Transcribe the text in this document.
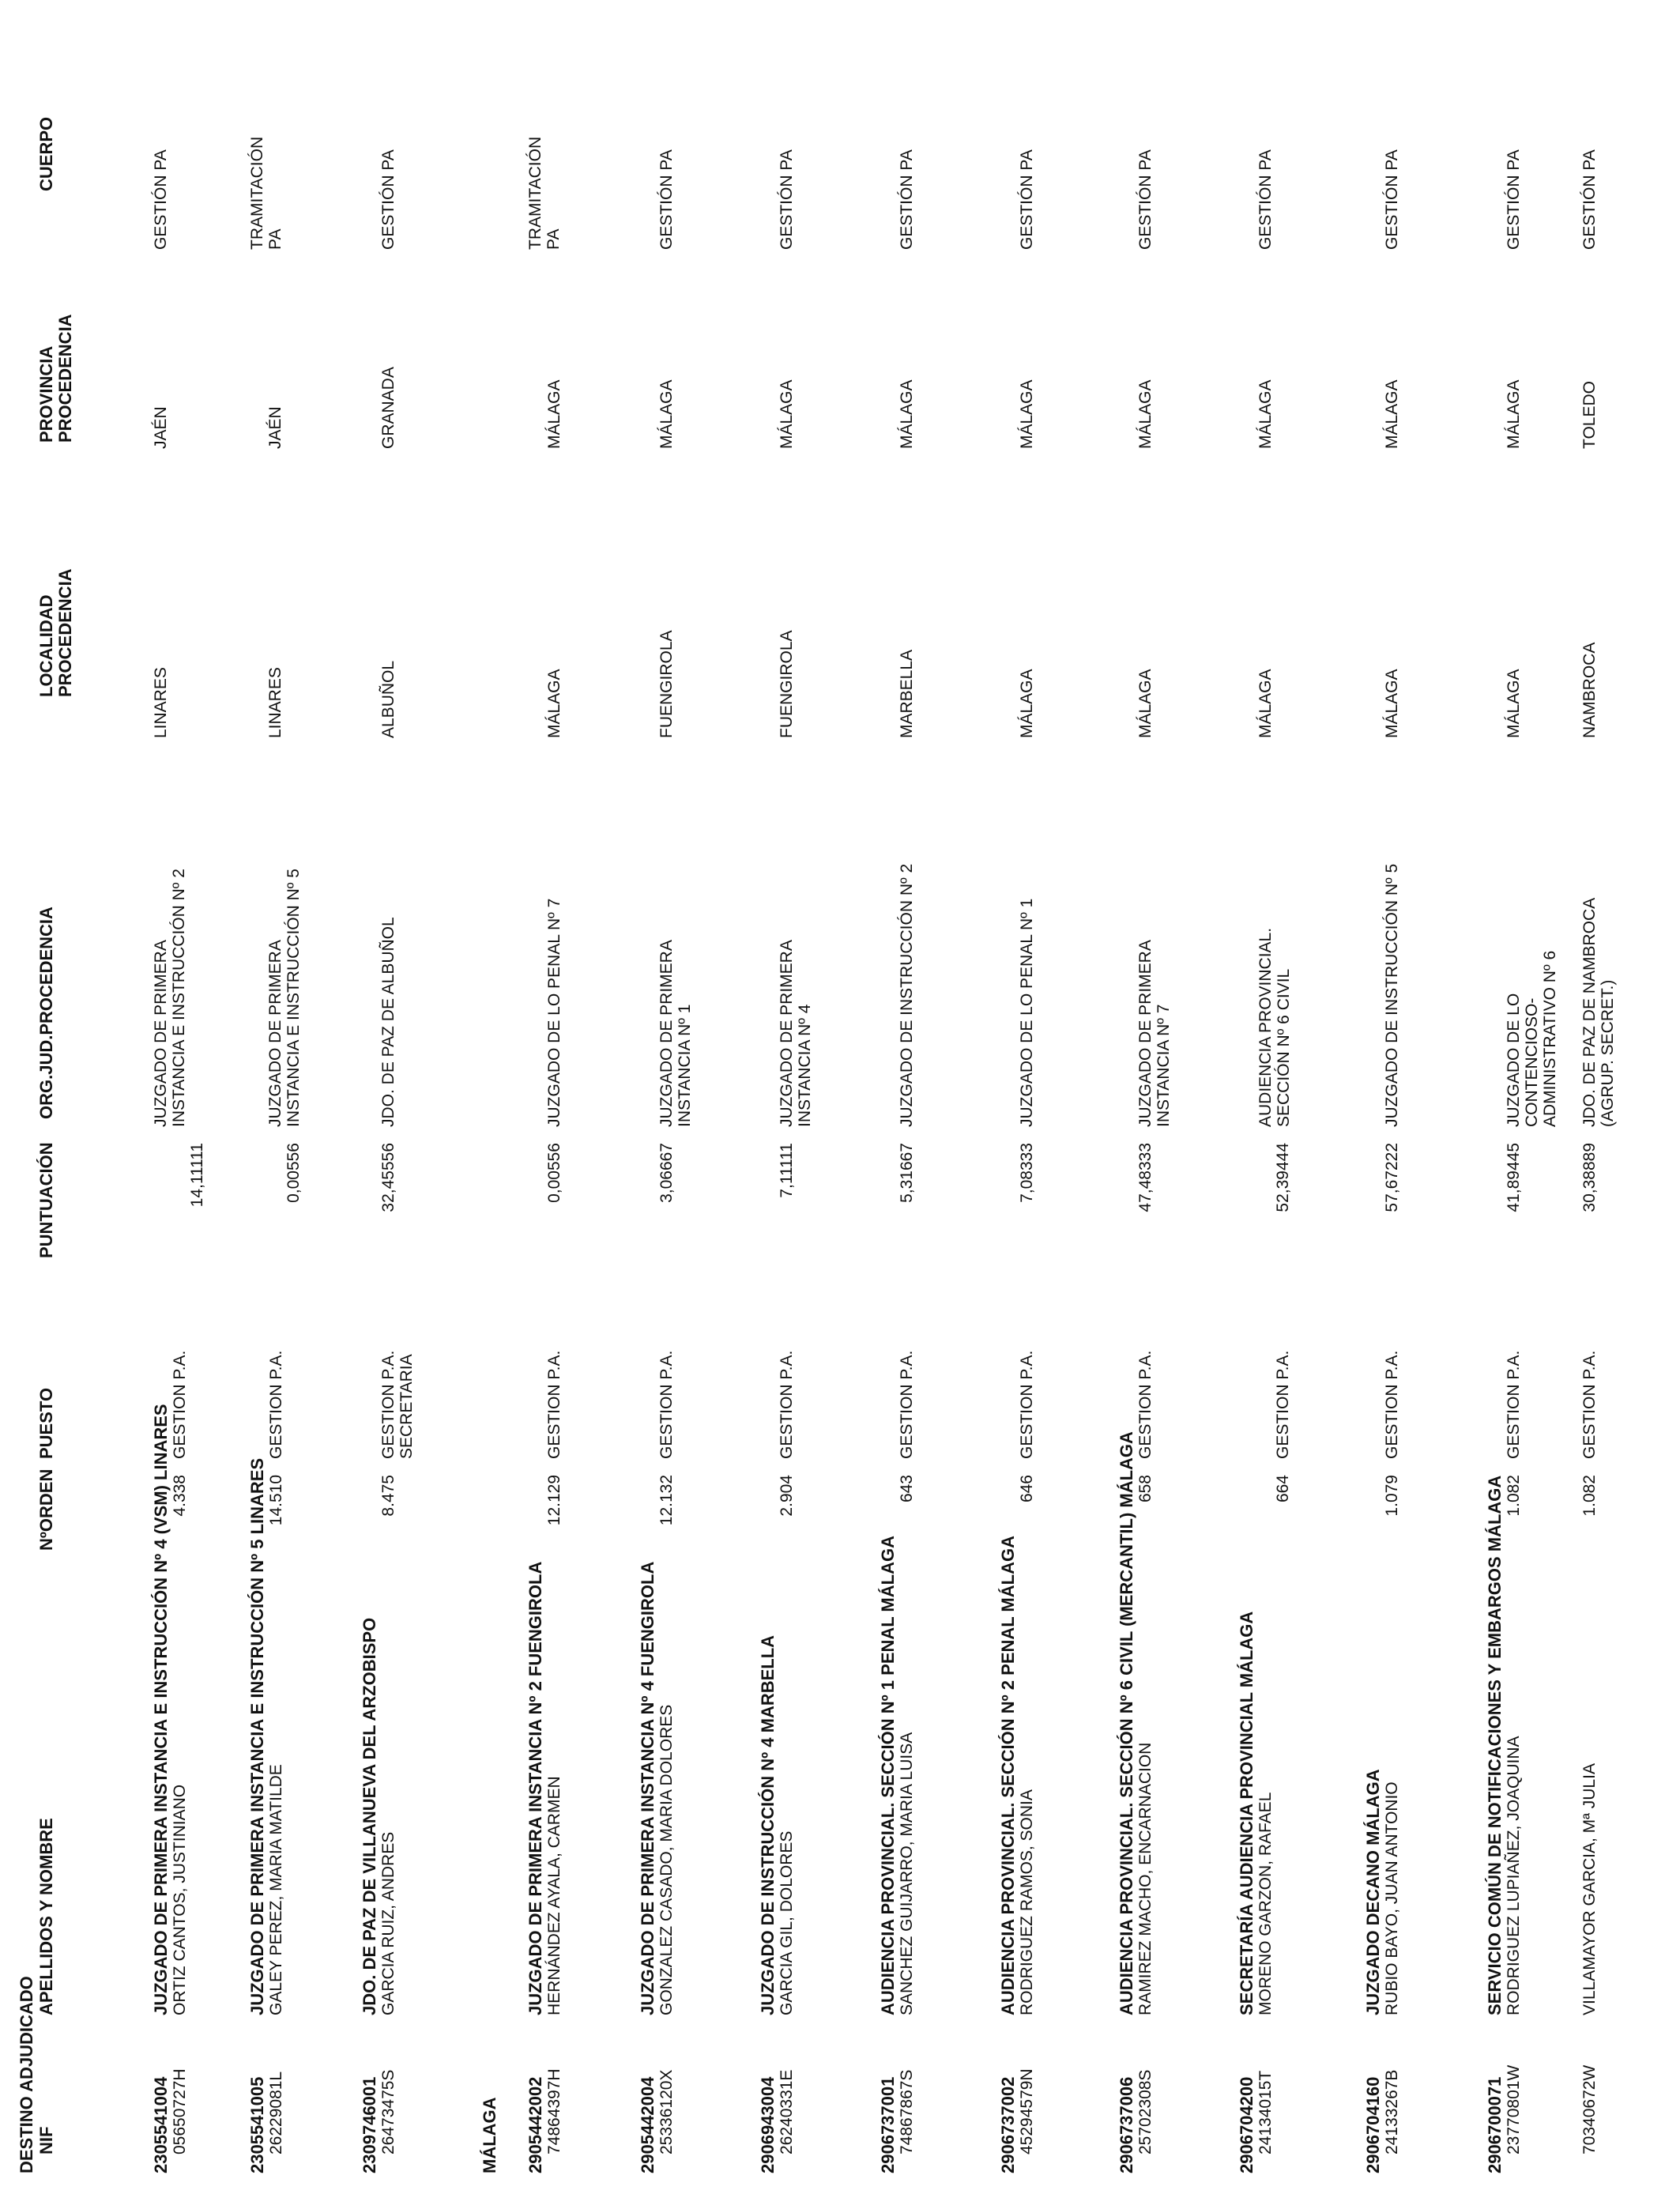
DESTINO ADJUDICADO NIF
APELLIDOS Y NOMBRE
NºORDEN
PUESTO
PUNTUACIÓN
ORG.JUD.PROCEDENCIA
LOCALIDAD PROCEDENCIA
PROVINCIA PROCEDENCIA
CUERPO
MÁLAGA
2305541004
JUZGADO DE PRIMERA INSTANCIA E INSTRUCCIÓN Nº 4 (VSM) LINARES
05650727H
ORTIZ CANTOS, JUSTINIANO
4.338
GESTION P.A.
14,11111
JUZGADO DE PRIMERA INSTANCIA E INSTRUCCIÓN Nº 2
LINARES
JAÉN
GESTIÓN PA
2305541005
JUZGADO DE PRIMERA INSTANCIA E INSTRUCCIÓN Nº 5 LINARES
26229081L
GALEY PEREZ, MARIA MATILDE
14.510
GESTION P.A.
0,00556
JUZGADO DE PRIMERA INSTANCIA E INSTRUCCIÓN Nº 5
LINARES
JAÉN
TRAMITACIÓN PA
2309746001
JDO. DE PAZ DE VILLANUEVA DEL ARZOBISPO
26473475S
GARCIA RUIZ, ANDRES
8.475
GESTION P.A. SECRETARIA
32,45556
JDO. DE PAZ DE ALBUÑOL
ALBUÑOL
GRANADA
GESTIÓN PA
2905442002
JUZGADO DE PRIMERA INSTANCIA Nº 2 FUENGIROLA
74864397H
HERNÁNDEZ AYALA, CARMEN
12.129
GESTION P.A.
0,00556
JUZGADO DE LO PENAL Nº 7
MÁLAGA
MÁLAGA
TRAMITACIÓN PA
2905442004
JUZGADO DE PRIMERA INSTANCIA Nº 4 FUENGIROLA
25336120X
GONZALEZ CASADO, MARIA DOLORES
12.132
GESTION P.A.
3,06667
JUZGADO DE PRIMERA INSTANCIA Nº 1
FUENGIROLA
MÁLAGA
GESTIÓN PA
2906943004
JUZGADO DE INSTRUCCIÓN Nº 4 MARBELLA
26240331E
GARCIA GIL, DOLORES
2.904
GESTION P.A.
7,11111
JUZGADO DE PRIMERA INSTANCIA Nº 4
FUENGIROLA
MÁLAGA
GESTIÓN PA
2906737001
AUDIENCIA PROVINCIAL. SECCIÓN Nº 1 PENAL MÁLAGA
74867867S
SANCHEZ GUIJARRO, MARIA LUISA
643
GESTION P.A.
5,31667
JUZGADO DE INSTRUCCIÓN Nº 2
MARBELLA
MÁLAGA
GESTIÓN PA
2906737002
AUDIENCIA PROVINCIAL. SECCIÓN Nº 2 PENAL MÁLAGA
45294579N
RODRIGUEZ RAMOS, SONIA
646
GESTION P.A.
7,08333
JUZGADO DE LO PENAL Nº 1
MÁLAGA
MÁLAGA
GESTIÓN PA
2906737006
AUDIENCIA PROVINCIAL. SECCIÓN Nº 6 CIVIL (MERCANTIL) MÁLAGA
25702308S
RAMIREZ MACHO, ENCARNACION
658
GESTION P.A.
47,48333
JUZGADO DE PRIMERA INSTANCIA Nº 7
MÁLAGA
MÁLAGA
GESTIÓN PA
2906704200
SECRETARÍA AUDIENCIA PROVINCIAL MÁLAGA
24134015T
MORENO GARZON, RAFAEL
664
GESTION P.A.
52,39444
AUDIENCIA PROVINCIAL. SECCIÓN Nº 6 CIVIL
MÁLAGA
MÁLAGA
GESTIÓN PA
2906704160
JUZGADO DECANO MÁLAGA
24133267B
RUBIO BAYO, JUAN ANTONIO
1.079
GESTION P.A.
57,67222
JUZGADO DE INSTRUCCIÓN Nº 5
MÁLAGA
MÁLAGA
GESTIÓN PA
2906700071
SERVICIO COMÚN DE NOTIFICACIONES Y EMBARGOS MÁLAGA
23770801W
RODRIGUEZ LUPIAÑEZ, JOAQUINA
1.082
GESTION P.A.
41,89445
JUZGADO DE LO CONTENCIOSO- ADMINISTRATIVO Nº 6
MÁLAGA
MÁLAGA
GESTIÓN PA
70340672W
VILLAMAYOR GARCIA, Mª JULIA
1.082
GESTION P.A.
30,38889
JDO. DE PAZ DE NAMBROCA (AGRUP. SECRET.)
NAMBROCA
TOLEDO
GESTIÓN PA
